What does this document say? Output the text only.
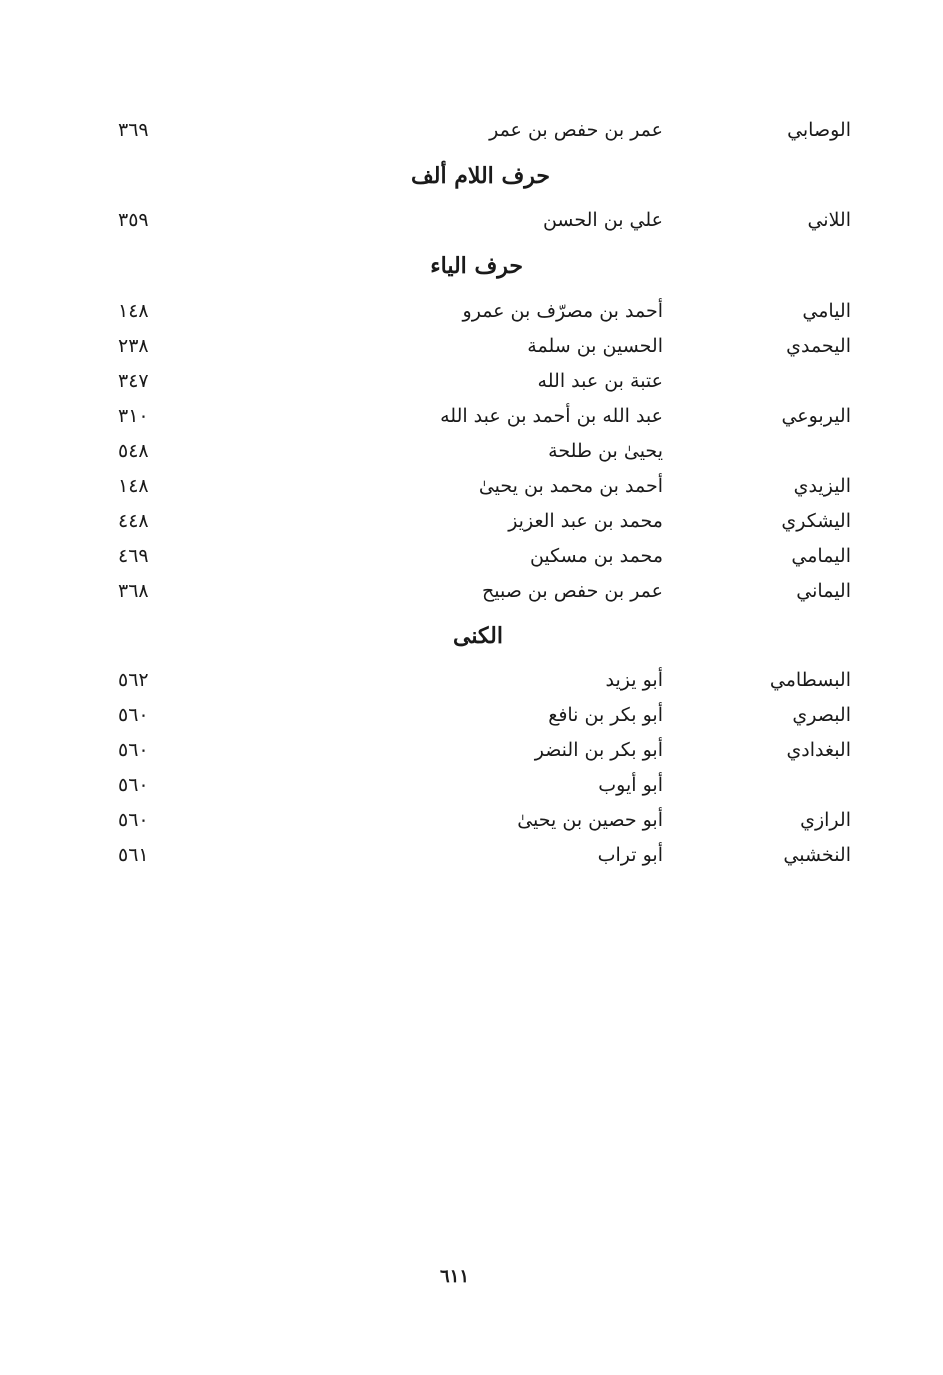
الوصابي
عمر بن حفص بن عمر
٣٦٩
حرف اللام ألف
اللاني
علي بن الحسن
٣٥٩
حرف الياء
اليامي
أحمد بن مصرّف بن عمرو
١٤٨
اليحمدي
الحسين بن سلمة
٢٣٨
عتبة بن عبد الله
٣٤٧
اليربوعي
عبد الله بن أحمد بن عبد الله
٣١٠
يحيىٰ بن طلحة
٥٤٨
اليزيدي
أحمد بن محمد بن يحيىٰ
١٤٨
اليشكري
محمد بن عبد العزيز
٤٤٨
اليمامي
محمد بن مسكين
٤٦٩
اليماني
عمر بن حفص بن صبيح
٣٦٨
الكنى
البسطامي
أبو يزيد
٥٦٢
البصري
أبو بكر بن نافع
٥٦٠
البغدادي
أبو بكر بن النضر
٥٦٠
أبو أيوب
٥٦٠
الرازي
أبو حصين بن يحيىٰ
٥٦٠
النخشبي
أبو تراب
٥٦١
٦١١
